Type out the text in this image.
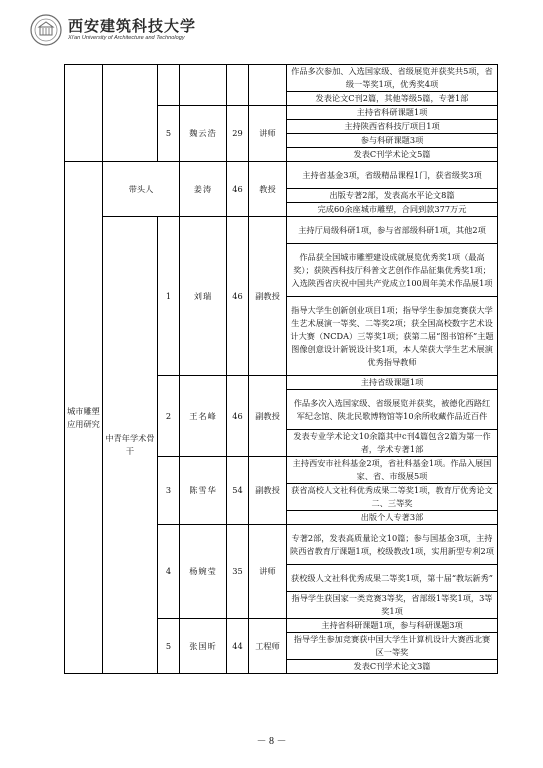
西安建筑科技大学
Xi'an University of Architecture and Technology
						作品多次参加、入选国家级、省级展览并获奖共5项，省级一等奖1项，优秀奖4项
						发表论文C刊2篇，其他等级5篇，专著1部
		5	魏云浩	29	讲师	主持省科研课题1项
						主持陕西省科技厅项目1项
						参与科研课题3项
						发表C刊学术论文5篇
城市雕塑应用研究	带头人		姜涛	46	教授	主持省基金3项，省级精品课程1门，获省级奖3项
						出版专著2部，发表高水平论文8篇
						完成60余座城市雕塑，合同到款377万元
	中青年学术骨干	1	刘瑞	46	副教授	主持厅局级科研1项，参与省部级科研1项，其他2项
						作品获全国城市雕塑建设成就展览优秀奖1项（最高奖）；获陕西科技厅科普文艺创作作品征集优秀奖1项；入选陕西省庆祝中国共产党成立100周年美术作品展1项
						指导大学生创新创业项目1项；指导学生参加竞赛获大学生艺术展演一等奖、二等奖2项；获全国高校数字艺术设计大赛（NCDA）三等奖1项；获第二届“图书馆杯”主题图像创意设计新锐设计奖1项，本人荣获大学生艺术展演优秀指导教师
		2	王名峰	46	副教授	主持省级课题1项
						作品多次入选国家级、省级展览并获奖，被德化西路红军纪念馆、陕北民歌博物馆等10余所收藏作品近百件
						发表专业学术论文10余篇其中c刊4篇包含2篇为第一作者，学术专著1部
		3	陈雪华	54	副教授	主持西安市社科基金2项，省社科基金1项。作品入展国家、省、市级展5项
						获省高校人文社科优秀成果二等奖1项，教育厅优秀论文二、三等奖
						出版个人专著3部
		4	杨婉莹	35	讲师	专著2部，发表高质量论文10篇；参与国基金3项，主持陕西省教育厅课题1项，校级教改1项，实用新型专利2项
						获校级人文社科优秀成果二等奖1项，第十届“教坛新秀”
						指导学生获国家一类竞赛3等奖，省部级1等奖1项，3等奖1项
		5	张国昕	44	工程师	主持省科研课题1项，参与科研课题3项
						指导学生参加竞赛获中国大学生计算机设计大赛西北赛区一等奖
						发表C刊学术论文3篇
－ 8 －
